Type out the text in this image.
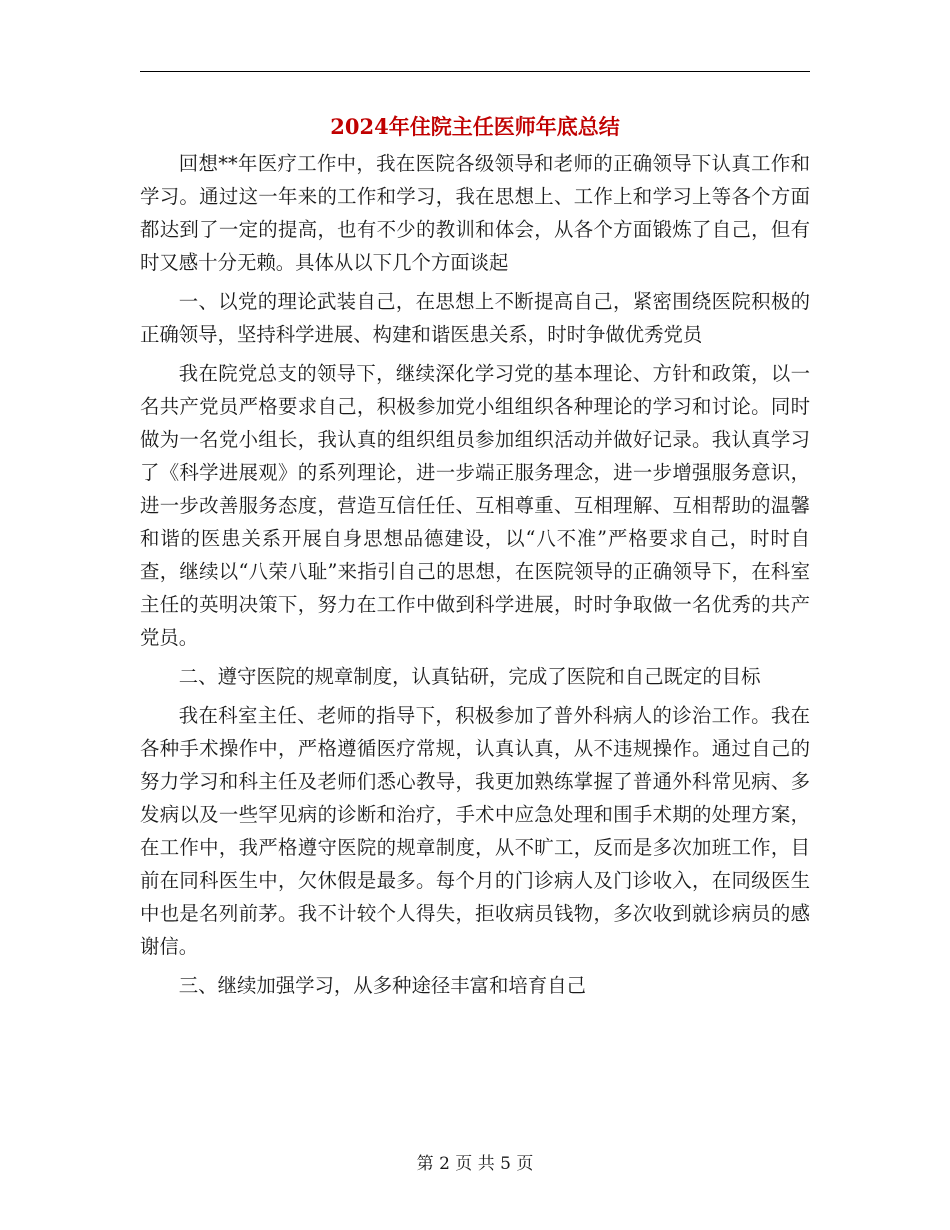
2024年住院主任医师年底总结

回想**年医疗工作中，我在医院各级领导和老师的正确领导下认真工作和学习。通过这一年来的工作和学习，我在思想上、工作上和学习上等各个方面都达到了一定的提高，也有不少的教训和体会，从各个方面锻炼了自己，但有时又感十分无赖。具体从以下几个方面谈起

一、以党的理论武装自己，在思想上不断提高自己，紧密围绕医院积极的正确领导，坚持科学进展、构建和谐医患关系，时时争做优秀党员

我在院党总支的领导下，继续深化学习党的基本理论、方针和政策，以一名共产党员严格要求自己，积极参加党小组组织各种理论的学习和讨论。同时做为一名党小组长，我认真的组织组员参加组织活动并做好记录。我认真学习了《科学进展观》的系列理论，进一步端正服务理念，进一步增强服务意识，进一步改善服务态度，营造互信任任、互相尊重、互相理解、互相帮助的温馨和谐的医患关系开展自身思想品德建设，以“八不准”严格要求自己，时时自查，继续以“八荣八耻”来指引自己的思想，在医院领导的正确领导下，在科室主任的英明决策下，努力在工作中做到科学进展，时时争取做一名优秀的共产党员。

二、遵守医院的规章制度，认真钻研，完成了医院和自己既定的目标

我在科室主任、老师的指导下，积极参加了普外科病人的诊治工作。我在各种手术操作中，严格遵循医疗常规，认真认真，从不违规操作。通过自己的努力学习和科主任及老师们悉心教导，我更加熟练掌握了普通外科常见病、多发病以及一些罕见病的诊断和治疗，手术中应急处理和围手术期的处理方案，在工作中，我严格遵守医院的规章制度，从不旷工，反而是多次加班工作，目前在同科医生中，欠休假是最多。每个月的门诊病人及门诊收入，在同级医生中也是名列前茅。我不计较个人得失，拒收病员钱物，多次收到就诊病员的感谢信。

三、继续加强学习，从多种途径丰富和培育自己

第 2 页 共 5 页
